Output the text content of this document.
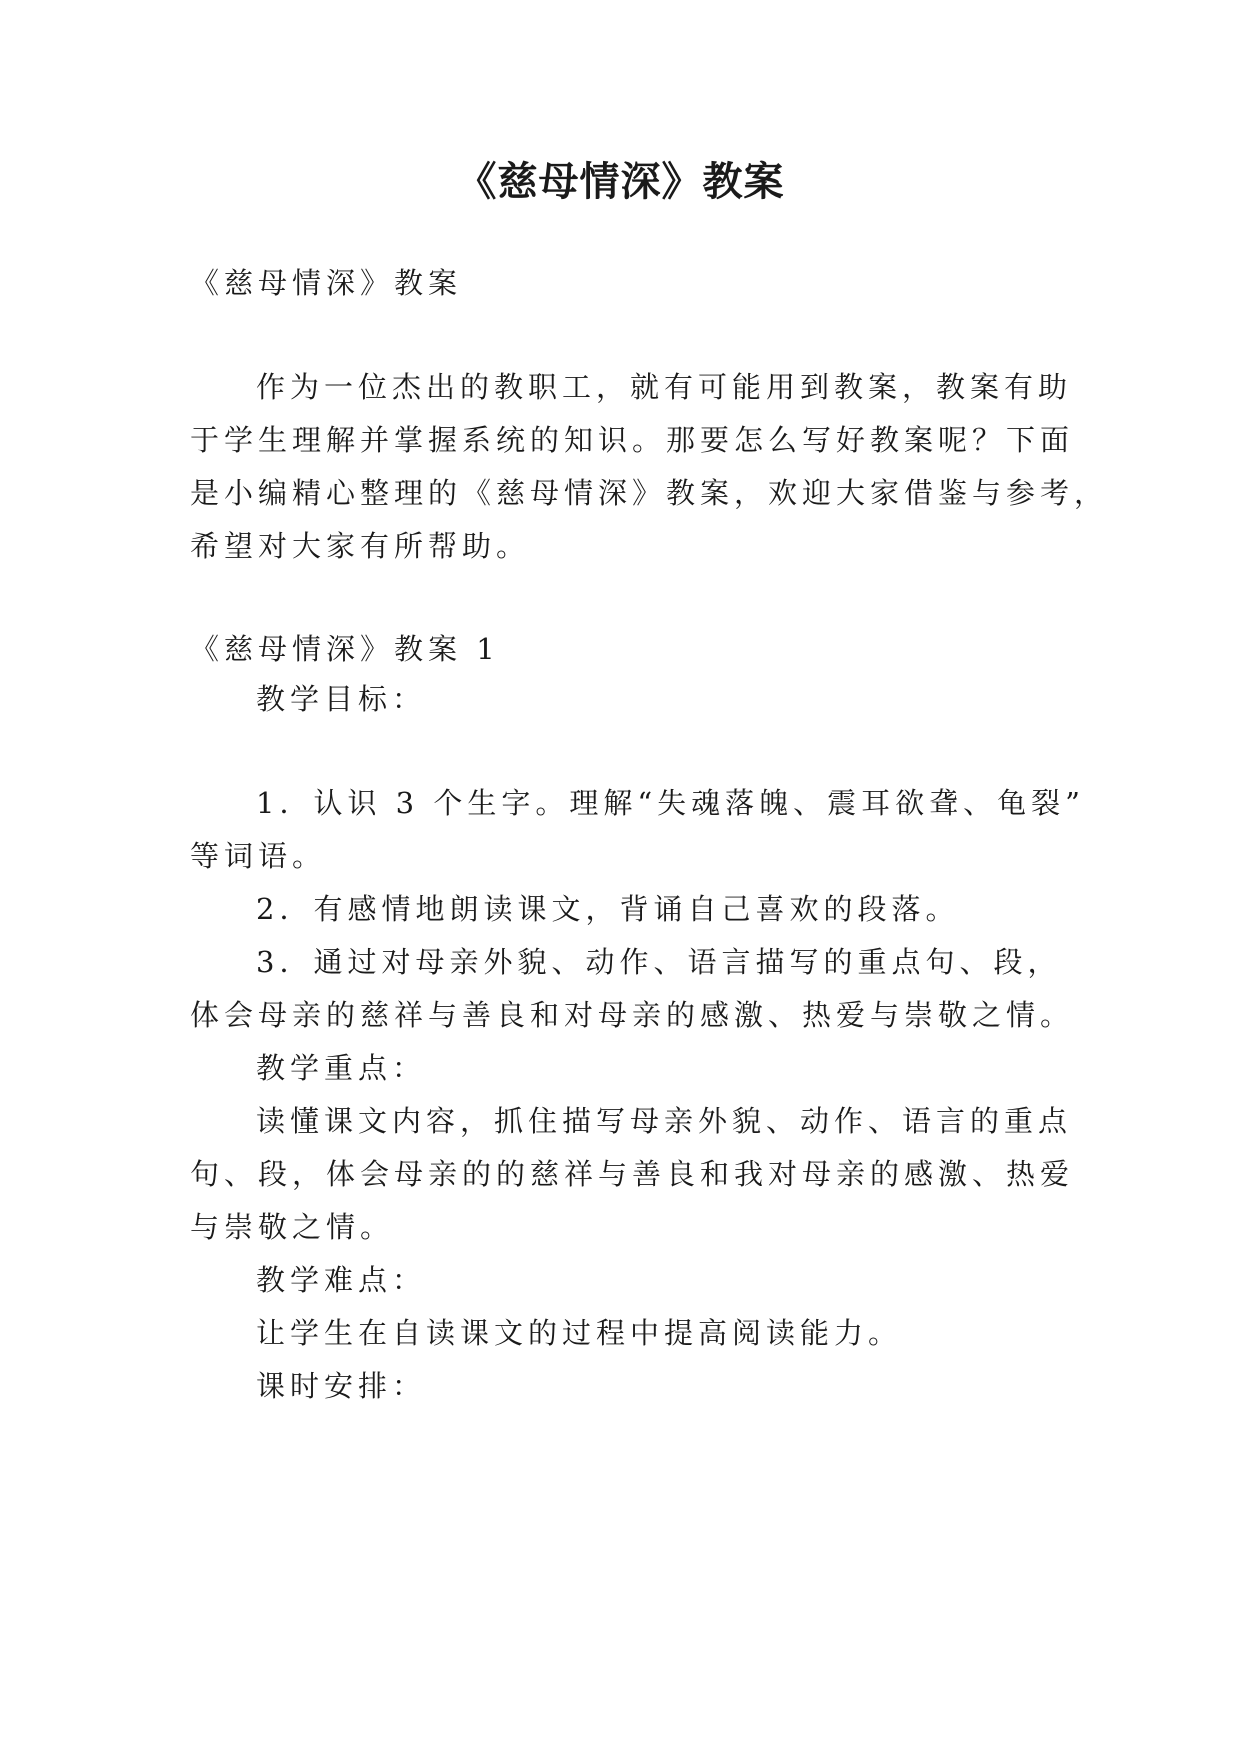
《慈母情深》教案
《慈母情深》教案
作为一位杰出的教职工，就有可能用到教案，教案有助
于学生理解并掌握系统的知识。那要怎么写好教案呢？下面
是小编精心整理的《慈母情深》教案，欢迎大家借鉴与参考，
希望对大家有所帮助。
《慈母情深》教案 1
教学目标：
1．认识 3 个生字。理解“失魂落魄、震耳欲聋、龟裂”
等词语。
2．有感情地朗读课文，背诵自己喜欢的段落。
3．通过对母亲外貌、动作、语言描写的重点句、段，
体会母亲的慈祥与善良和对母亲的感激、热爱与崇敬之情。
教学重点：
读懂课文内容，抓住描写母亲外貌、动作、语言的重点
句、段，体会母亲的的慈祥与善良和我对母亲的感激、热爱
与崇敬之情。
教学难点：
让学生在自读课文的过程中提高阅读能力。
课时安排：
